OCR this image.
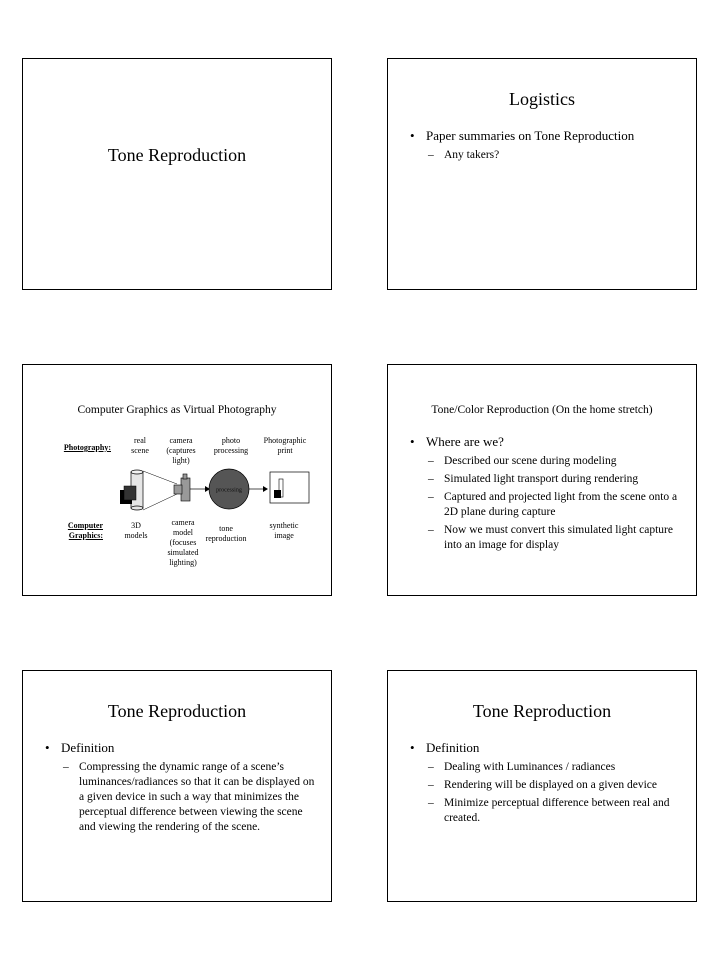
Tone Reproduction
Logistics
• Paper summaries on Tone Reproduction
– Any takers?
Computer Graphics as Virtual Photography
Photography:
Computer
Graphics:
real
scene
camera
(captures
light)
photo
processing
Photographic
print
3D
models
camera
model
(focuses
simulated
lighting)
tone
reproduction
synthetic
image
processing
Tone/Color Reproduction (On the home stretch)
• Where are we?
– Described our scene during modeling
– Simulated light transport during rendering
– Captured and projected light from the scene onto a 2D plane during capture
– Now we must convert this simulated light capture into an image for display
Tone Reproduction
• Definition
– Compressing the dynamic range of a scene’s luminances/radiances so that it can be displayed on a given device in such a way that minimizes the perceptual difference between viewing the scene and viewing the rendering of the scene.
Tone Reproduction
• Definition
– Dealing with Luminances / radiances
– Rendering will be displayed on a given device
– Minimize perceptual difference between real and created.
